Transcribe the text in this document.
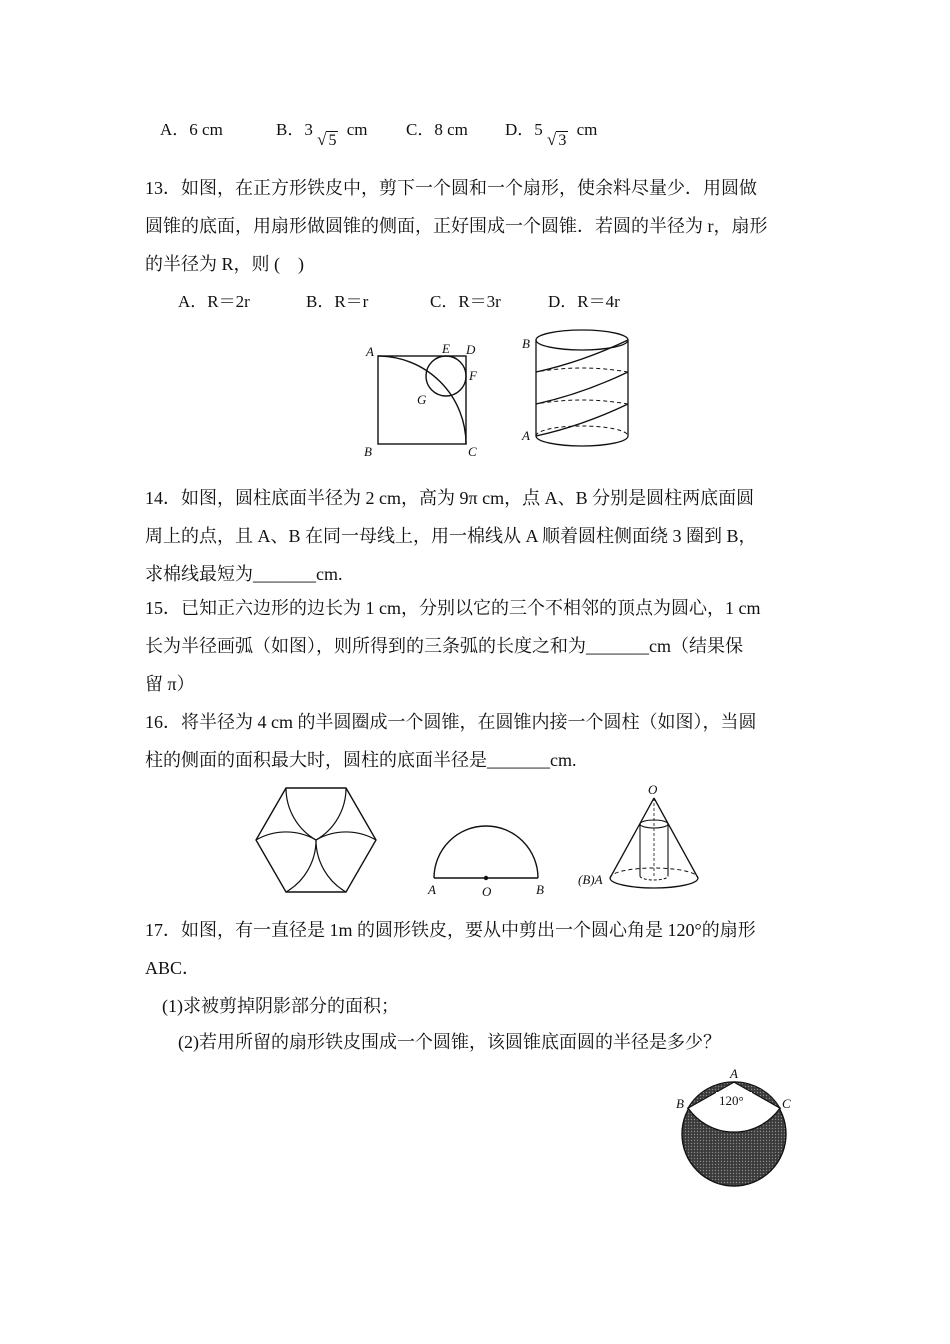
A．6 cm	B．3 √ 5 cm C．8 cm D．5 √ 3 cm
13．如图，在正方形铁皮中，剪下一个圆和一个扇形，使余料尽量少．用圆做
圆锥的底面，用扇形做圆锥的侧面，正好围成一个圆锥．若圆的半径为 r，扇形
的半径为 R，则 (　)
A．R＝2r	B．R＝r	C．R＝3r	D．R＝4r
A	E D
F
G
B	C
B
A
14．如图，圆柱底面半径为 2 cm，高为 9π cm，点 A、B 分别是圆柱两底面圆
周上的点，且 A、B 在同一母线上，用一棉线从 A 顺着圆柱侧面绕 3 圈到 B，
求棉线最短为_______cm.
15．已知正六边形的边长为 1 cm，分别以它的三个不相邻的顶点为圆心，1 cm
长为半径画弧（如图），则所得到的三条弧的长度之和为_______cm（结果保
留 π）
16．将半径为 4 cm 的半圆圈成一个圆锥，在圆锥内接一个圆柱（如图），当圆
柱的侧面的面积最大时，圆柱的底面半径是_______cm.
A	O	B
O
(B)A
17．如图，有一直径是 1m 的圆形铁皮，要从中剪出一个圆心角是 120°的扇形
ABC．
(1)求被剪掉阴影部分的面积；
(2)若用所留的扇形铁皮围成一个圆锥，该圆锥底面圆的半径是多少？
120°
A
B	C
